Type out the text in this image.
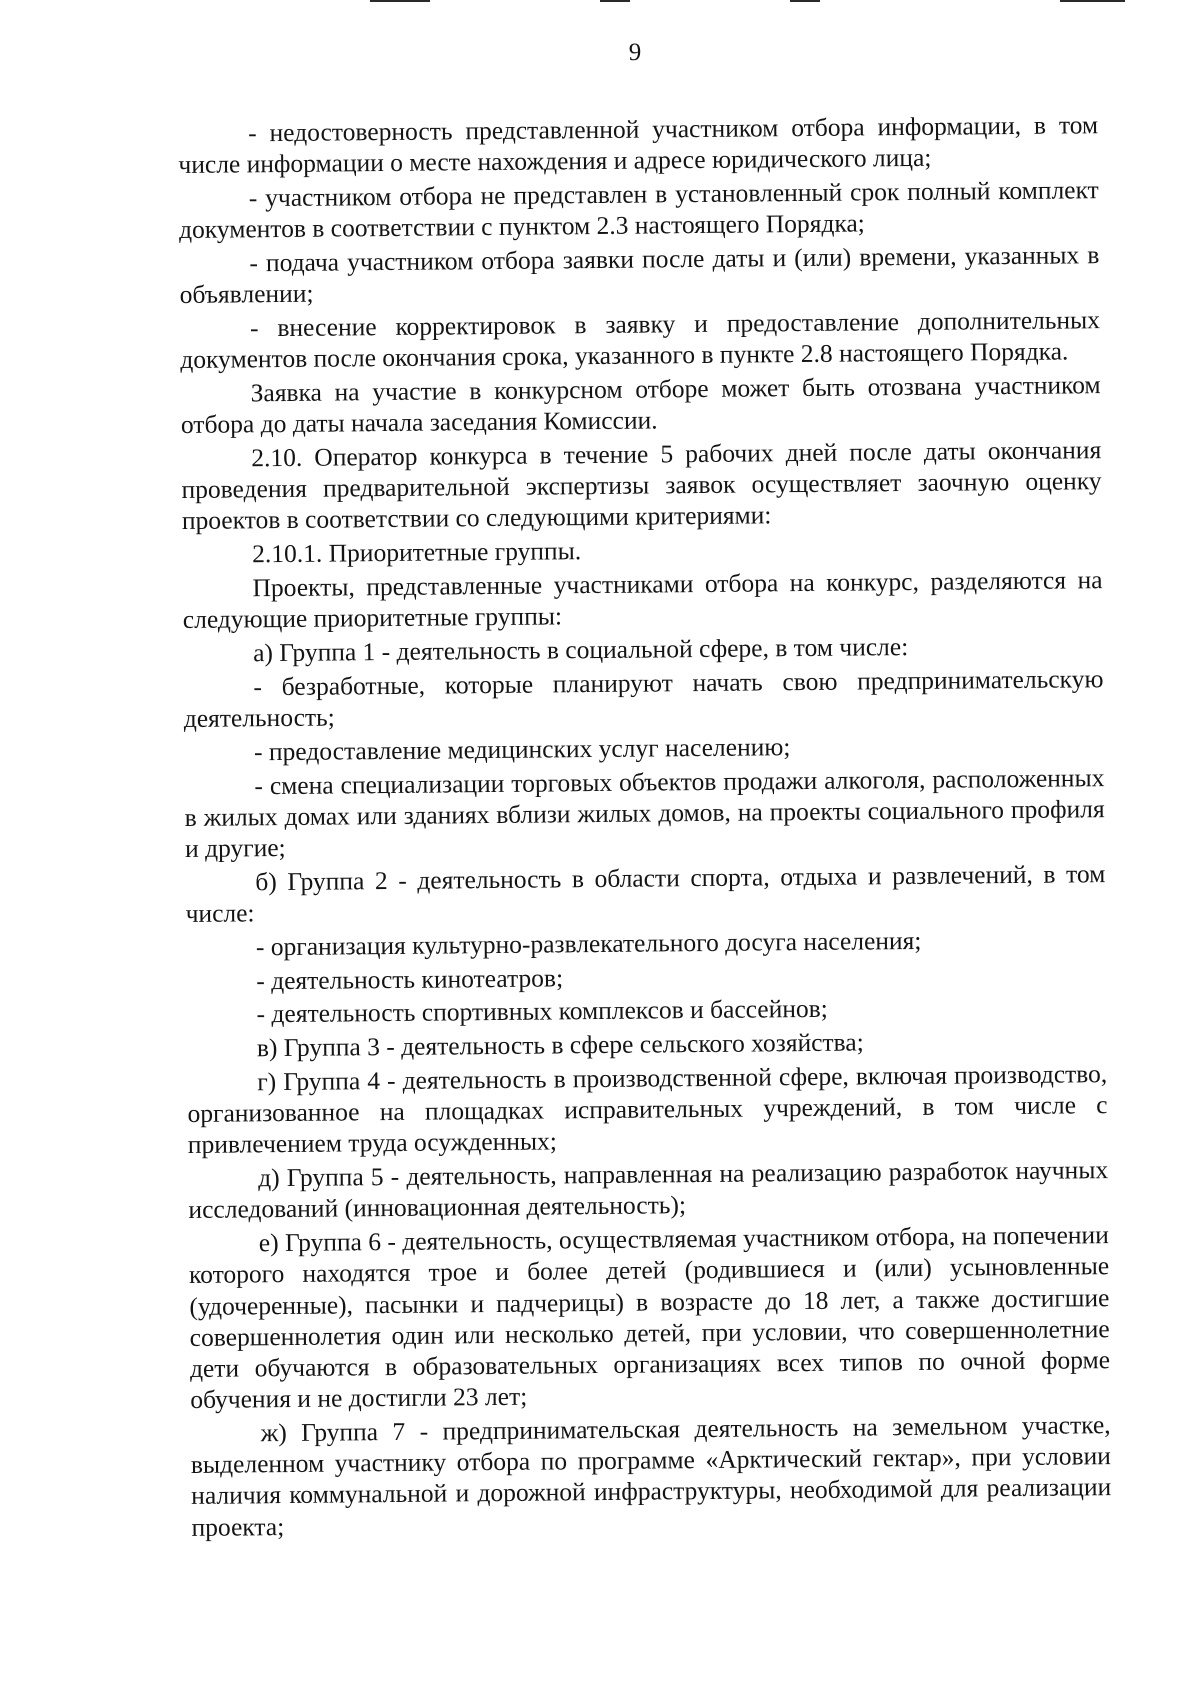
9

- недостоверность представленной участником отбора информации, в том числе информации о месте нахождения и адресе юридического лица;

- участником отбора не представлен в установленный срок полный комплект документов в соответствии с пунктом 2.3 настоящего Порядка;

- подача участником отбора заявки после даты и (или) времени, указанных в объявлении;

- внесение корректировок в заявку и предоставление дополнительных документов после окончания срока, указанного в пункте 2.8 настоящего Порядка.

Заявка на участие в конкурсном отборе может быть отозвана участником отбора до даты начала заседания Комиссии.

2.10. Оператор конкурса в течение 5 рабочих дней после даты окончания проведения предварительной экспертизы заявок осуществляет заочную оценку проектов в соответствии со следующими критериями:

2.10.1. Приоритетные группы.

Проекты, представленные участниками отбора на конкурс, разделяются на следующие приоритетные группы:

а) Группа 1 - деятельность в социальной сфере, в том числе:

- безработные, которые планируют начать свою предпринимательскую деятельность;

- предоставление медицинских услуг населению;

- смена специализации торговых объектов продажи алкоголя, расположенных в жилых домах или зданиях вблизи жилых домов, на проекты социального профиля и другие;

б) Группа 2 - деятельность в области спорта, отдыха и развлечений, в том числе:

- организация культурно-развлекательного досуга населения;

- деятельность кинотеатров;

- деятельность спортивных комплексов и бассейнов;

в) Группа 3 - деятельность в сфере сельского хозяйства;

г) Группа 4 - деятельность в производственной сфере, включая производство, организованное на площадках исправительных учреждений, в том числе с привлечением труда осужденных;

д) Группа 5 - деятельность, направленная на реализацию разработок научных исследований (инновационная деятельность);

е) Группа 6 - деятельность, осуществляемая участником отбора, на попечении которого находятся трое и более детей (родившиеся и (или) усыновленные (удочеренные), пасынки и падчерицы) в возрасте до 18 лет, а также достигшие совершеннолетия один или несколько детей, при условии, что совершеннолетние дети обучаются в образовательных организациях всех типов по очной форме обучения и не достигли 23 лет;

ж) Группа 7 - предпринимательская деятельность на земельном участке, выделенном участнику отбора по программе «Арктический гектар», при условии наличия коммунальной и дорожной инфраструктуры, необходимой для реализации проекта;
